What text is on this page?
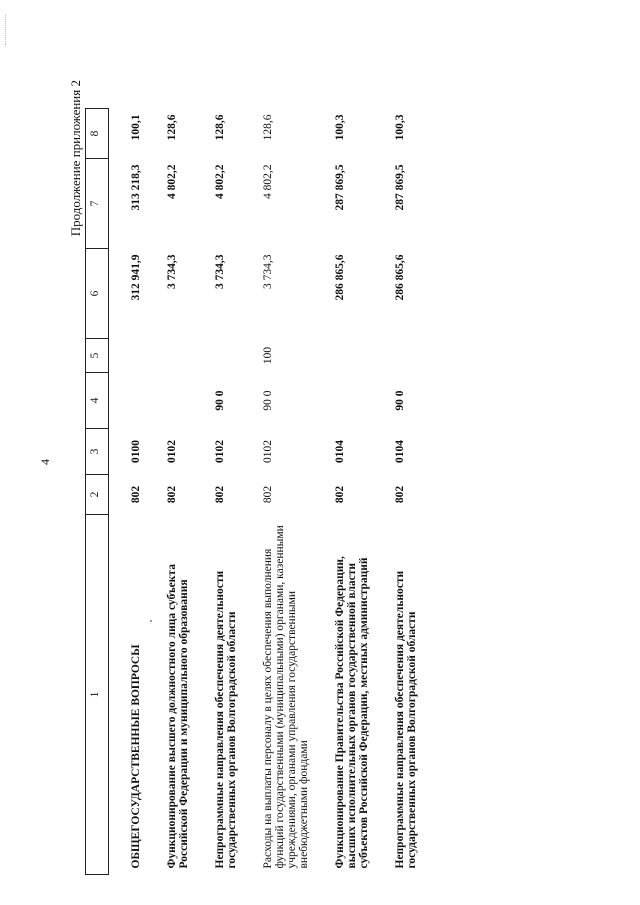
4
Продолжение приложения 2
1	2	3	4	5	6	7	8

ОБЩЕГОСУДАРСТВЕННЫЕ ВОПРОСЫ	802	0100			312 941,9	313 218,3	100,1

Функционирование высшего должностного лица субъекта Российской Федерации и муниципального образования	802	0102			3 734,3	4 802,2	128,6

Непрограммные направления обеспечения деятельности государственных органов Волгоградской области	802	0102	90 0		3 734,3	4 802,2	128,6

Расходы на выплаты персоналу в целях обеспечения выполнения функций государственными (муниципальными) органами, казенными учреждениями, органами управления государственными внебюджетными фондами	802	0102	90 0	100	3 734,3	4 802,2	128,6

Функционирование Правительства Российской Федерации, высших исполнительных органов государственной власти субъектов Российской Федерации, местных администраций	802	0104			286 865,6	287 869,5	100,3

Непрограммные направления обеспечения деятельности государственных органов Волгоградской области	802	0104	90 0		286 865,6	287 869,5	100,3
